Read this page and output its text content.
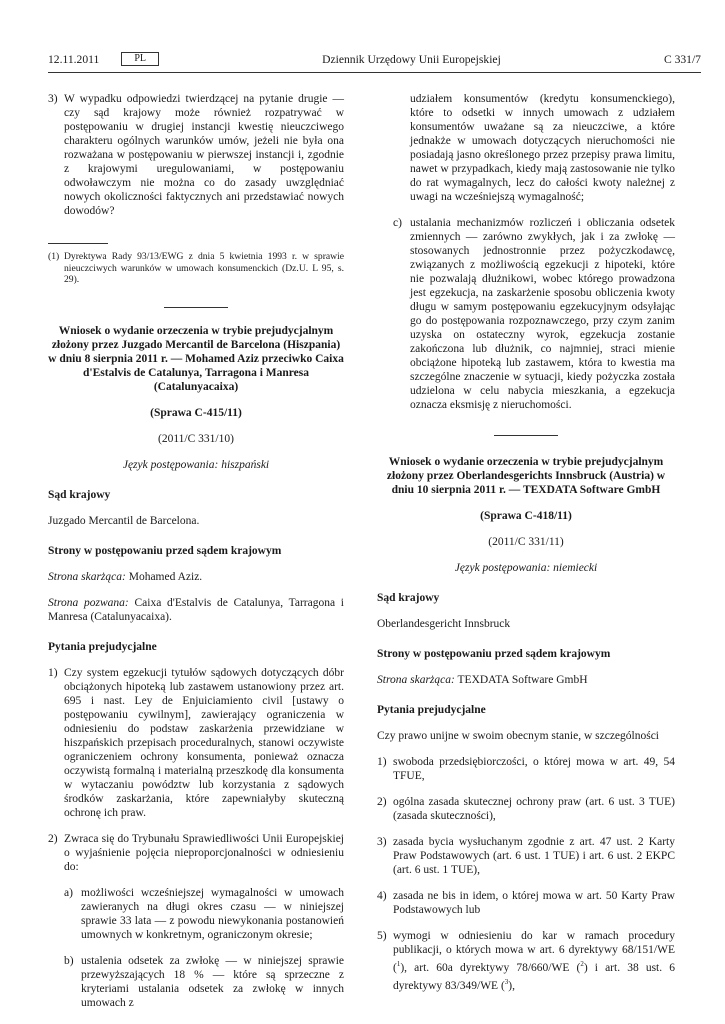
12.11.2011	PL	Dziennik Urzędowy Unii Europejskiej	C 331/7
3) W wypadku odpowiedzi twierdzącej na pytanie drugie — czy sąd krajowy może również rozpatrywać w postępowaniu w drugiej instancji kwestię nieuczciwego charakteru ogólnych warunków umów, jeżeli nie była ona rozważana w postępowaniu w pierwszej instancji i, zgodnie z krajowymi uregulowaniami, w postępowaniu odwoławczym nie można co do zasady uwzględniać nowych okoliczności faktycznych ani przedstawiać nowych dowodów?
(1) Dyrektywa Rady 93/13/EWG z dnia 5 kwietnia 1993 r. w sprawie nieuczciwych warunków w umowach konsumenckich (Dz.U. L 95, s. 29).

Wniosek o wydanie orzeczenia w trybie prejudycjalnym złożony przez Juzgado Mercantil de Barcelona (Hiszpania) w dniu 8 sierpnia 2011 r. — Mohamed Aziz przeciwko Caixa d'Estalvis de Catalunya, Tarragona i Manresa (Catalunyacaixa)

(Sprawa C-415/11)

(2011/C 331/10)

Język postępowania: hiszpański

Sąd krajowy

Juzgado Mercantil de Barcelona.

Strony w postępowaniu przed sądem krajowym

Strona skarżąca: Mohamed Aziz.

Strona pozwana: Caixa d'Estalvis de Catalunya, Tarragona i Manresa (Catalunyacaixa).

Pytania prejudycjalne

1) Czy system egzekucji tytułów sądowych dotyczących dóbr obciążonych hipoteką lub zastawem ustanowiony przez art. 695 i nast. Ley de Enjuiciamiento civil [ustawy o postępowaniu cywilnym], zawierający ograniczenia w odniesieniu do podstaw zaskarżenia przewidziane w hiszpańskich przepisach proceduralnych, stanowi oczywiste ograniczeniem ochrony konsumenta, ponieważ oznacza oczywistą formalną i materialną przeszkodę dla konsumenta w wytaczaniu powództw lub korzystania z sądowych środków zaskarżania, które zapewniałyby skuteczną ochronę ich praw.
2) Zwraca się do Trybunału Sprawiedliwości Unii Europejskiej o wyjaśnienie pojęcia nieproporcjonalności w odniesieniu do:
a) możliwości wcześniejszej wymagalności w umowach zawieranych na długi okres czasu — w niniejszej sprawie 33 lata — z powodu niewykonania postanowień umownych w konkretnym, ograniczonym okresie;
b) ustalenia odsetek za zwłokę — w niniejszej sprawie przewyższających 18 % — które są sprzeczne z kryteriami ustalania odsetek za zwłokę w innych umowach z
udziałem konsumentów (kredytu konsumenckiego), które to odsetki w innych umowach z udziałem konsumentów uważane są za nieuczciwe, a które jednakże w umowach dotyczących nieruchomości nie posiadają jasno określonego przez przepisy prawa limitu, nawet w przypadkach, kiedy mają zastosowanie nie tylko do rat wymagalnych, lecz do całości kwoty należnej z uwagi na wcześniejszą wymagalność;
c) ustalania mechanizmów rozliczeń i obliczania odsetek zmiennych — zarówno zwykłych, jak i za zwłokę — stosowanych jednostronnie przez pożyczkodawcę, związanych z możliwością egzekucji z hipoteki, które nie pozwalają dłużnikowi, wobec którego prowadzona jest egzekucja, na zaskarżenie sposobu obliczenia kwoty długu w samym postępowaniu egzekucyjnym odsyłając go do postępowania rozpoznawczego, przy czym zanim uzyska on ostateczny wyrok, egzekucja zostanie zakończona lub dłużnik, co najmniej, straci mienie obciążone hipoteką lub zastawem, która to kwestia ma szczególne znaczenie w sytuacji, kiedy pożyczka została udzielona w celu nabycia mieszkania, a egzekucja oznacza eksmisję z nieruchomości.

Wniosek o wydanie orzeczenia w trybie prejudycjalnym złożony przez Oberlandesgerichts Innsbruck (Austria) w dniu 10 sierpnia 2011 r. — TEXDATA Software GmbH

(Sprawa C-418/11)

(2011/C 331/11)

Język postępowania: niemiecki

Sąd krajowy

Oberlandesgericht Innsbruck

Strony w postępowaniu przed sądem krajowym

Strona skarżąca: TEXDATA Software GmbH

Pytania prejudycjalne

Czy prawo unijne w swoim obecnym stanie, w szczególności

1) swoboda przedsiębiorczości, o której mowa w art. 49, 54 TFUE,
2) ogólna zasada skutecznej ochrony praw (art. 6 ust. 3 TUE) (zasada skuteczności),
3) zasada bycia wysłuchanym zgodnie z art. 47 ust. 2 Karty Praw Podstawowych (art. 6 ust. 1 TUE) i art. 6 ust. 2 EKPC (art. 6 ust. 1 TUE),
4) zasada ne bis in idem, o której mowa w art. 50 Karty Praw Podstawowych lub
5) wymogi w odniesieniu do kar w ramach procedury publikacji, o których mowa w art. 6 dyrektywy 68/151/WE ($^1$), art. 60a dyrektywy 78/660/WE ($^2$) i art. 38 ust. 6 dyrektywy 83/349/WE ($^3$),
